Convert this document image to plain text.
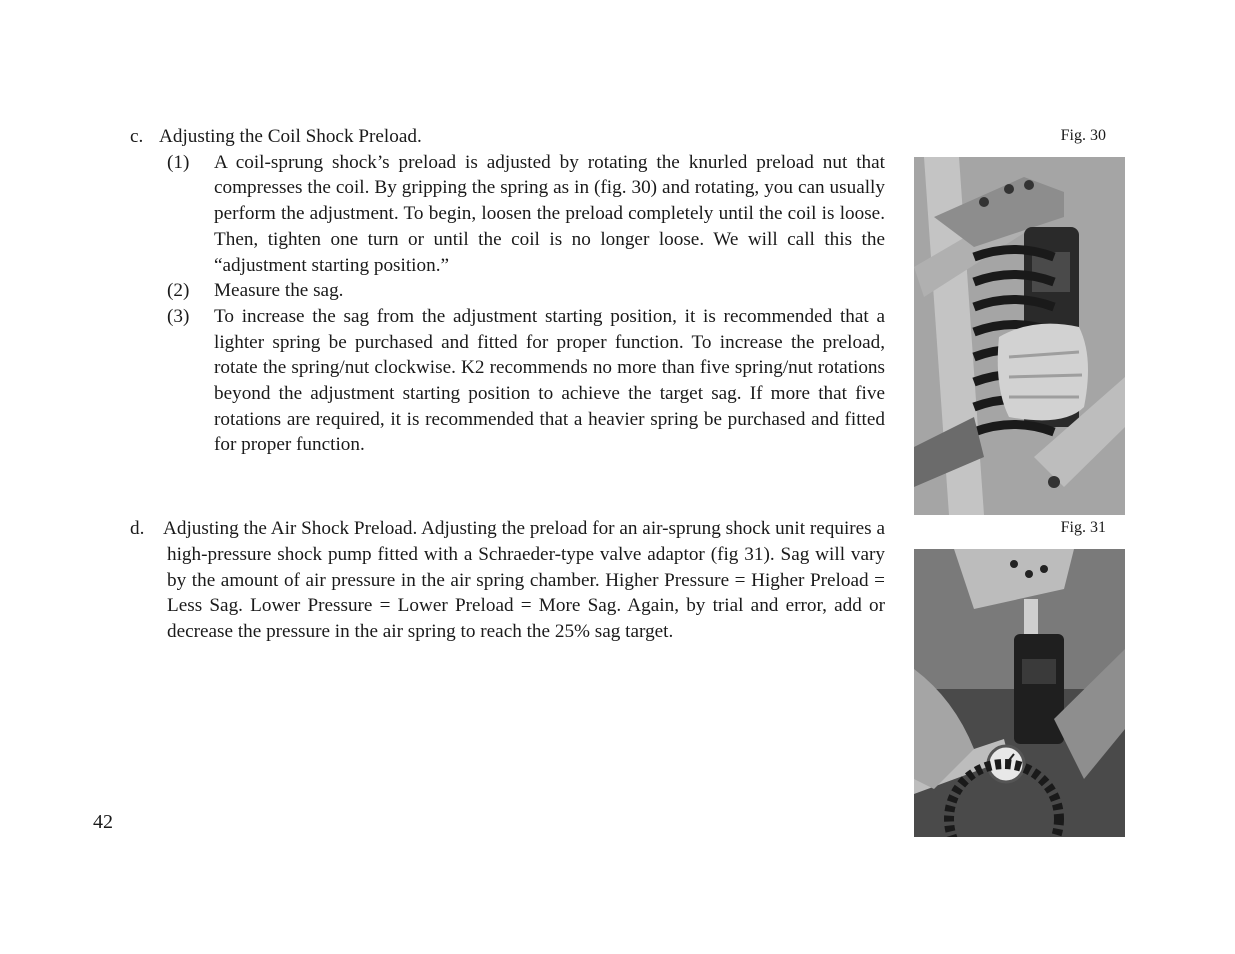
c. Adjusting the Coil Shock Preload.
(1) A coil-sprung shock’s preload is adjusted by rotating the knurled preload nut that compresses the coil. By gripping the spring as in (fig. 30) and rotating, you can usually perform the adjustment. To begin, loosen the preload completely until the coil is loose. Then, tighten one turn or until the coil is no longer loose. We will call this the “adjustment starting position.”
(2) Measure the sag.
(3) To increase the sag from the adjustment starting position, it is recommended that a lighter spring be purchased and fitted for proper function. To increase the preload, rotate the spring/nut clockwise. K2 recommends no more than five spring/nut rotations beyond the adjustment starting position to achieve the target sag. If more that five rotations are required, it is recommended that a heavier spring be purchased and fitted for proper function.
d. Adjusting the Air Shock Preload. Adjusting the preload for an air-sprung shock unit requires a high-pressure shock pump fitted with a Schraeder-type valve adaptor (fig 31). Sag will vary by the amount of air pressure in the air spring chamber. Higher Pressure = Higher Preload = Less Sag. Lower Pressure = Lower Preload = More Sag. Again, by trial and error, add or decrease the pressure in the air spring to reach the 25% sag target.
Fig. 30
Fig. 31
42
